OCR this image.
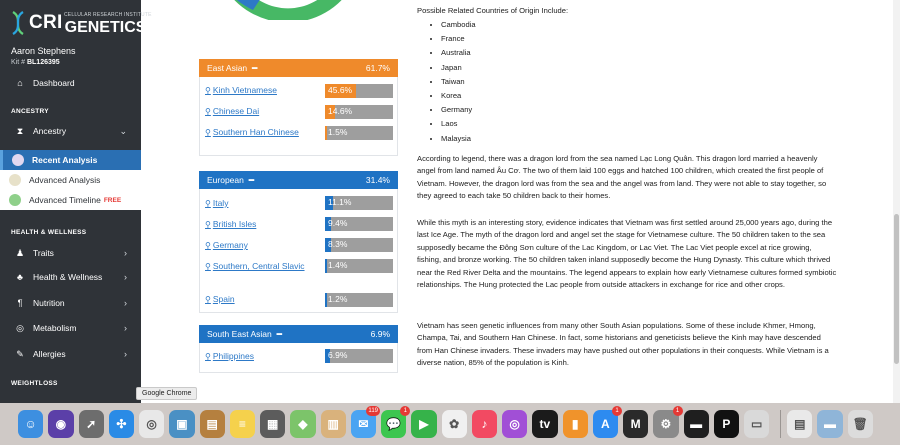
CRI GENETICS
CELLULAR RESEARCH INSTITUTE
Aaron Stephens
Kit # BL126395
⌂	Dashboard
ANCESTRY
⧗	Ancestry	⌄
Recent Analysis
Advanced Analysis
Advanced Timeline FREE
HEALTH & WELLNESS
♟ Traits	›
♣	Health & Wellness ›
¶	Nutrition	›
◎ Metabolism	›
✎ Allergies	›
WEIGHTLOSS
East Asian ━	61.7%
⚲ Kinh Vietnamese	45.6%
⚲ Chinese Dai	14.6%
⚲ Southern Han Chinese	1.5%
European ━	31.4%
⚲ Italy	11.1%
⚲ British Isles	9.4%
⚲ Germany	8.3%
⚲ Southern, Central Slavic	1.4%
⚲ Spain	1.2%
South East Asian ━	6.9%
⚲ Philippines	6.9%
Possible Related Countries of Origin Include:
• Cambodia
• France
• Australia
• Japan
• Taiwan
• Korea
• Germany
• Laos
• Malaysia

According to legend, there was a dragon lord from the sea named Lạc Long Quân. This dragon lord married a heavenly angel from land named Âu Cơ. The two of them laid 100 eggs and hatched 100 children, which created the first people of Vietnam. However, the dragon lord was from the sea and the angel was from land. They were not able to stay together, so they agreed to each take 50 children back to their homes.

While this myth is an interesting story, evidence indicates that Vietnam was first settled around 25,000 years ago, during the last Ice Age. The myth of the dragon lord and angel set the stage for Vietnamese culture. The 50 children taken to the sea supposedly became the Đông Sơn culture of the Lac Kingdom, or Lac Viet. The Lac Viet people excel at rice growing, fishing, and bronze working. The 50 children taken inland supposedly become the Hung Dynasty. This culture which thrived near the Red River Delta and the mountains. The legend appears to explain how early Vietnamese cultures formed symbiotic relationships. The Hung protected the Lac people from outside attackers in exchange for rice and other crops.

Vietnam has seen genetic influences from many other South Asian populations. Some of these include Khmer, Hmong, Champa, Tai, and Southern Han Chinese. In fact, some historians and geneticists believe the Kinh may have descended from Han Chinese invaders. These invaders may have pushed out other populations in their conquests. While Vietnam is a diverse nation, 85% of the population is Kinh.

Google Chrome
☺	◉	➚	✣	◎	▣	▤	≡	▦	◆	▥	✉
119
💬
1
▶	✿	♪	◎	tv	▮	A
1
M	⚙
1
▬	P	▭	▤	▬	🗑
